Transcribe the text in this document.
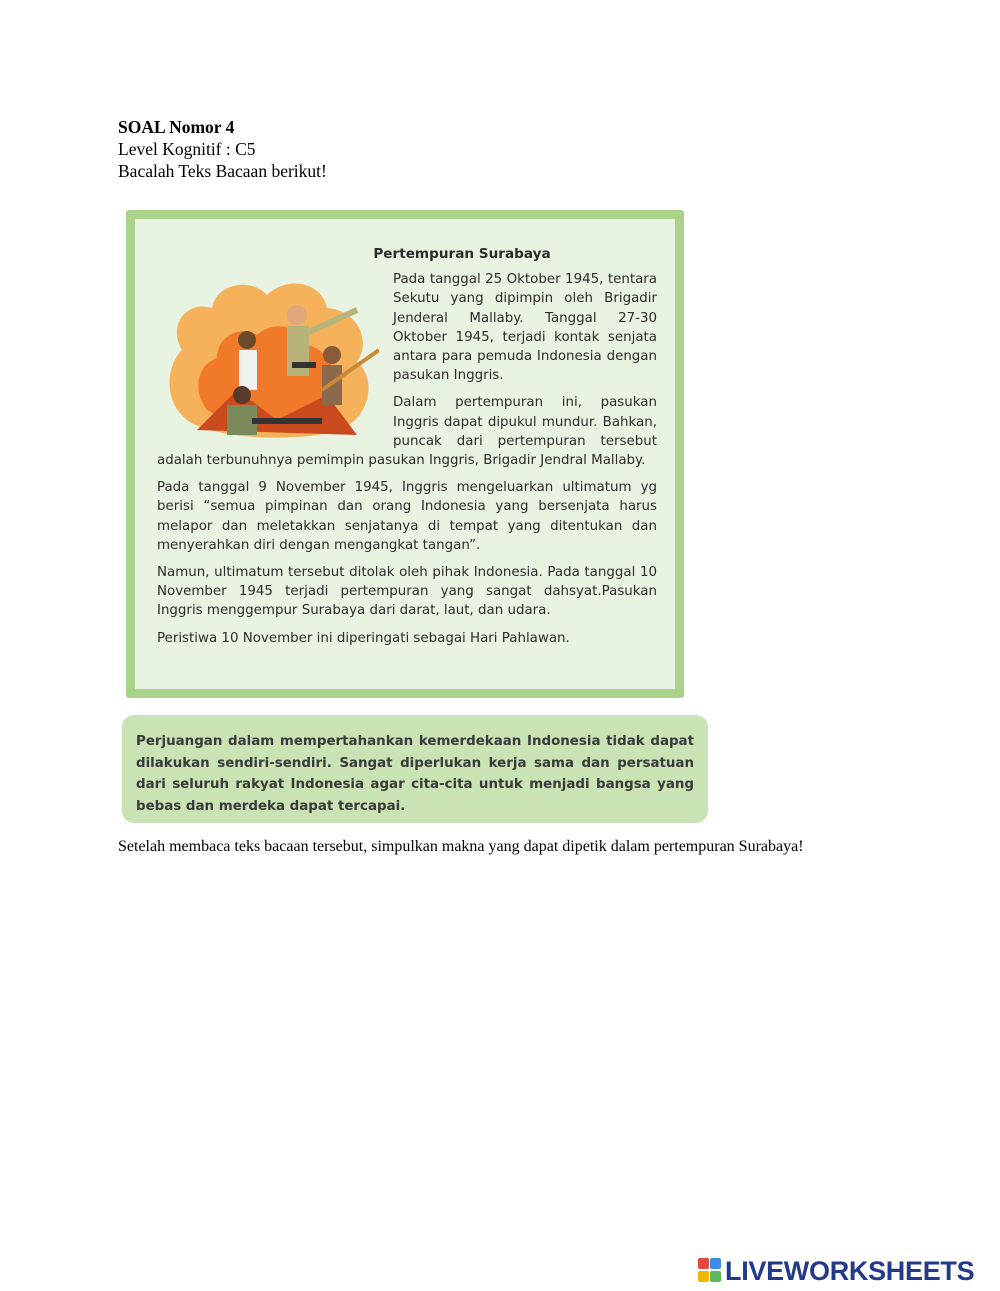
SOAL Nomor 4
Level Kognitif : C5
Bacalah Teks Bacaan berikut!
Pertempuran Surabaya

Pada tanggal 25 Oktober 1945, tentara Sekutu yang dipimpin oleh Brigadir Jenderal Mallaby. Tanggal 27-30 Oktober 1945, terjadi kontak senjata antara para pemuda Indonesia dengan pasukan Inggris.

Dalam pertempuran ini, pasukan Inggris dapat dipukul mundur. Bahkan, puncak dari pertempuran tersebut adalah terbunuhnya pemimpin pasukan Inggris, Brigadir Jendral Mallaby.

Pada tanggal 9 November 1945, Inggris mengeluarkan ultimatum yg berisi “semua pimpinan dan orang Indonesia yang bersenjata harus melapor dan meletakkan senjatanya di tempat yang ditentukan dan menyerahkan diri dengan mengangkat tangan”.

Namun, ultimatum tersebut ditolak oleh pihak Indonesia. Pada tanggal 10 November 1945 terjadi pertempuran yang sangat dahsyat.Pasukan Inggris menggempur Surabaya dari darat, laut, dan udara.

Peristiwa 10 November ini diperingati sebagai Hari Pahlawan.

Perjuangan dalam mempertahankan kemerdekaan Indonesia tidak dapat dilakukan sendiri-sendiri. Sangat diperlukan kerja sama dan persatuan dari seluruh rakyat Indonesia agar cita-cita untuk menjadi bangsa yang bebas dan merdeka dapat tercapai.
Setelah membaca teks bacaan tersebut, simpulkan makna yang dapat dipetik dalam pertempuran Surabaya!
LIVEWORKSHEETS
